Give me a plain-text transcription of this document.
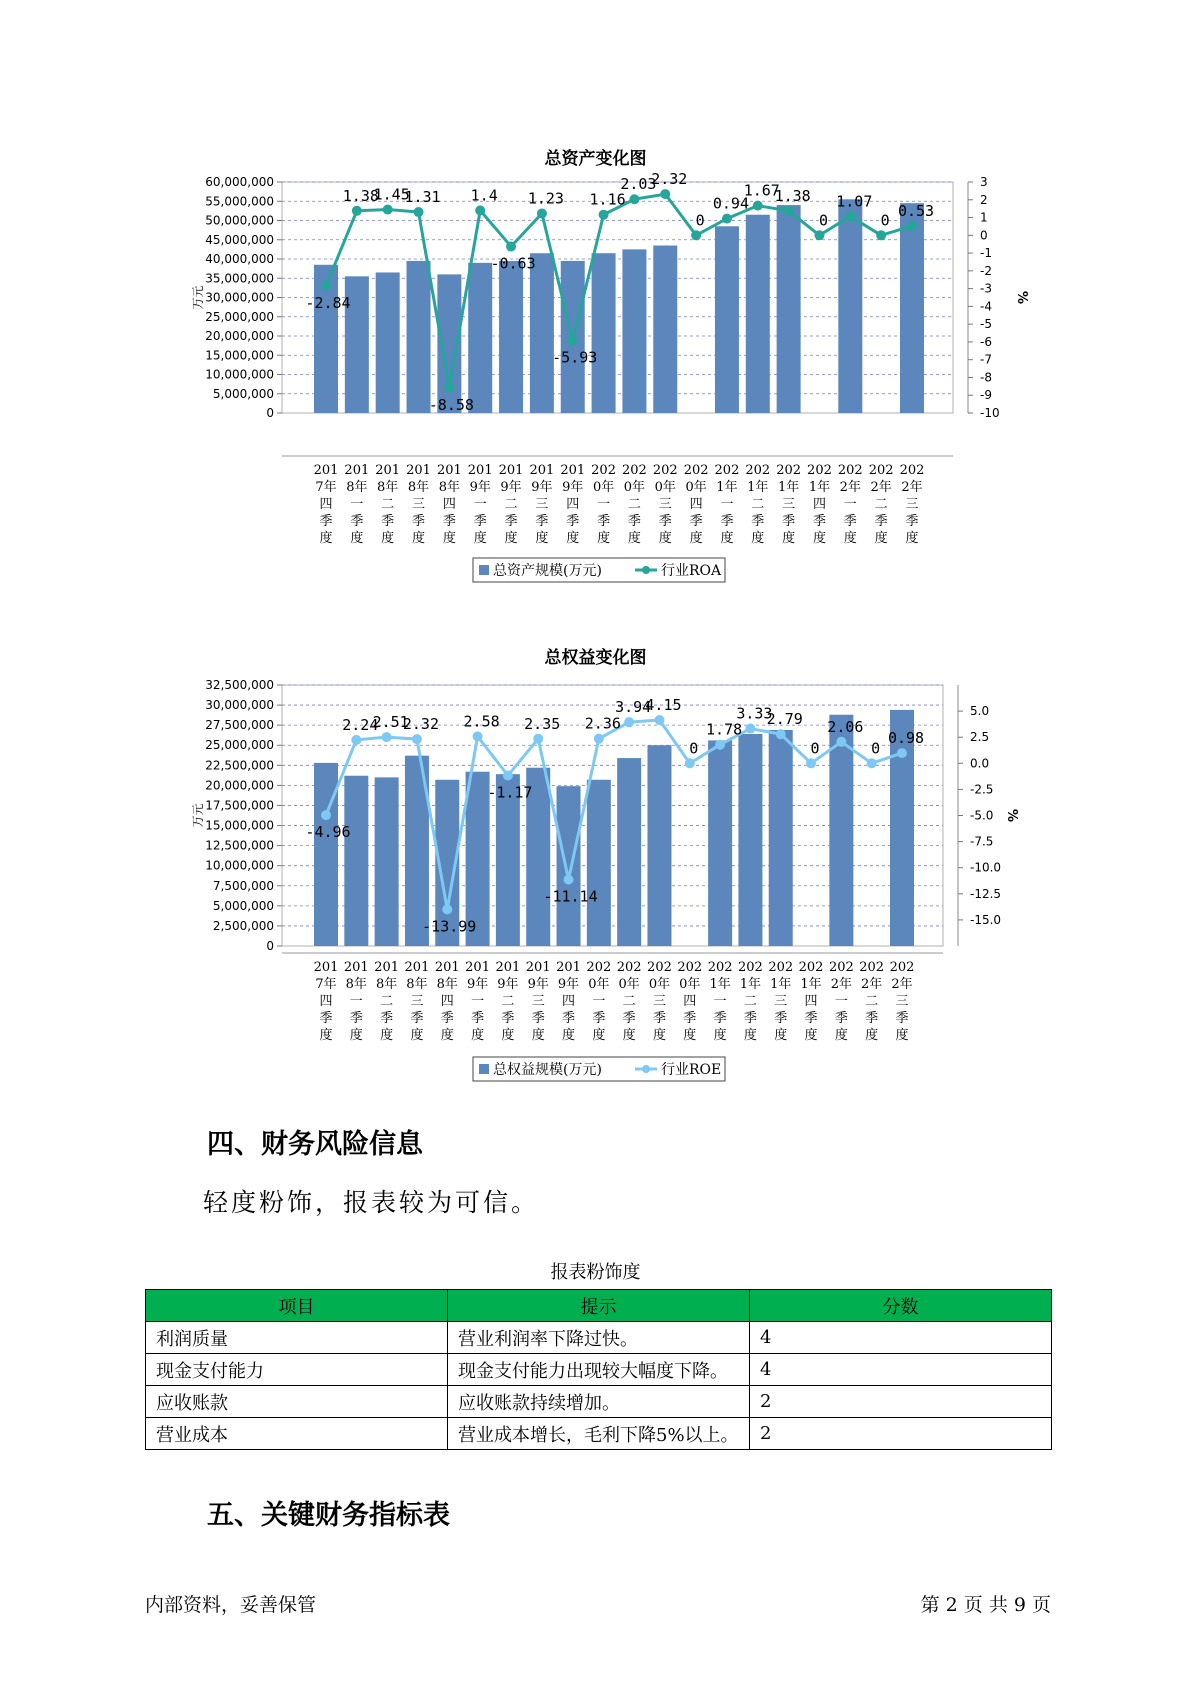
总资产变化图
0
5,000,000
10,000,000
15,000,000
20,000,000
25,000,000
30,000,000
35,000,000
40,000,000
45,000,000
50,000,000
55,000,000
60,000,000
-10
-9
-8
-7
-6
-5
-4
-3
-2
-1
0
1
2
3
万元	%
201 7年四季度
201 8年一季度
201 8年二季度
201 8年三季度
201 8年四季度
201 9年一季度
201 9年二季度
201 9年三季度
201 9年四季度
202 0年一季度
202 0年二季度
202 0年三季度
202 0年四季度
202 1年一季度
202 1年二季度
202 1年三季度
202 1年四季度
202 2年一季度
202 2年二季度
202 2年三季度
-2.84
1.38
1.45
1.31
-8.58
1.4
-0.63
1.23
-5.93
1.16
2.03
2.32
0
0.94
1.67
1.38
0
1.07
0
0.53
总资产规模(万元)	行业ROA
总权益变化图
0
2,500,000
5,000,000
7,500,000
10,000,000
12,500,000
15,000,000
17,500,000
20,000,000
22,500,000
25,000,000
27,500,000
30,000,000
32,500,000
-15.0
-12.5
-10.0
-7.5
-5.0
-2.5
0.0
2.5
5.0
万元	%
201 7年四季度
201 8年一季度
201 8年二季度
201 8年三季度
201 8年四季度
201 9年一季度
201 9年二季度
201 9年三季度
201 9年四季度
202 0年一季度
202 0年二季度
202 0年三季度
202 0年四季度
202 1年一季度
202 1年二季度
202 1年三季度
202 1年四季度
202 2年一季度
202 2年二季度
202 2年三季度
-4.96
2.24
2.51
2.32
-13.99
2.58
-1.17
2.35
-11.14
2.36
3.94
4.15
0
1.78
3.33
2.79
0
2.06
0
0.98
总权益规模(万元)	行业ROE
四、财务风险信息
轻度粉饰，报表较为可信。
报表粉饰度
项目	提示	分数
利润质量	营业利润率下降过快。	4
现金支付能力	现金支付能力出现较大幅度下降。	4
应收账款	应收账款持续增加。	2
营业成本	营业成本增长，毛利下降5%以上。	2
五、关键财务指标表
内部资料，妥善保管	第 2 页 共 9 页
